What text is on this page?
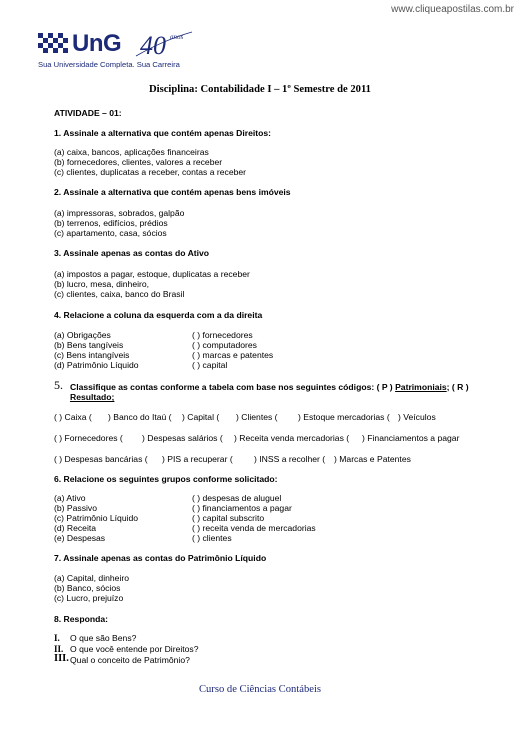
www.cliqueapostilas.com.br
UnG 40 anos
Sua Universidade Completa. Sua Carreira
Disciplina: Contabilidade I – 1º Semestre de 2011
ATIVIDADE – 01:
1. Assinale a alternativa que contém apenas Direitos:
(a) caixa, bancos, aplicações financeiras
(b) fornecedores, clientes, valores a receber
(c) clientes, duplicatas a receber, contas a receber
2. Assinale a alternativa que contém apenas bens imóveis
(a) impressoras, sobrados, galpão
(b) terrenos, edifícios, prédios
(c) apartamento, casa, sócios
3. Assinale apenas as contas do Ativo
(a) impostos a pagar, estoque, duplicatas a receber
(b) lucro, mesa, dinheiro,
(c) clientes, caixa, banco do Brasil
4. Relacione a coluna da esquerda com a da direita
(a) Obrigações
(b) Bens tangíveis
(c) Bens intangíveis
(d) Patrimônio Líquido
( ) fornecedores
( ) computadores
( ) marcas e patentes
( ) capital
5. Classifique as contas conforme a tabela com base nos seguintes códigos: ( P ) Patrimoniais; ( R )
Resultado;
( ) Caixa ( ) Banco do Itaú ( ) Capital ( ) Clientes ( ) Estoque mercadorias ( ) Veículos
( ) Fornecedores ( ) Despesas salários ( ) Receita venda mercadorias ( ) Financiamentos a pagar
( ) Despesas bancárias ( ) PIS a recuperar ( ) INSS a recolher ( ) Marcas e Patentes
6. Relacione os seguintes grupos conforme solicitado:
(a) Ativo
(b) Passivo
(c) Patrimônio Líquido
(d) Receita
(e) Despesas
( ) despesas de aluguel
( ) financiamentos a pagar
( ) capital subscrito
( ) receita venda de mercadorias
( ) clientes
7. Assinale apenas as contas do Patrimônio Líquido
(a) Capital, dinheiro
(b) Banco, sócios
(c) Lucro, prejuízo
8. Responda:
I. O que são Bens?
II. O que você entende por Direitos?
III. Qual o conceito de Patrimônio?
Curso de Ciências Contábeis
